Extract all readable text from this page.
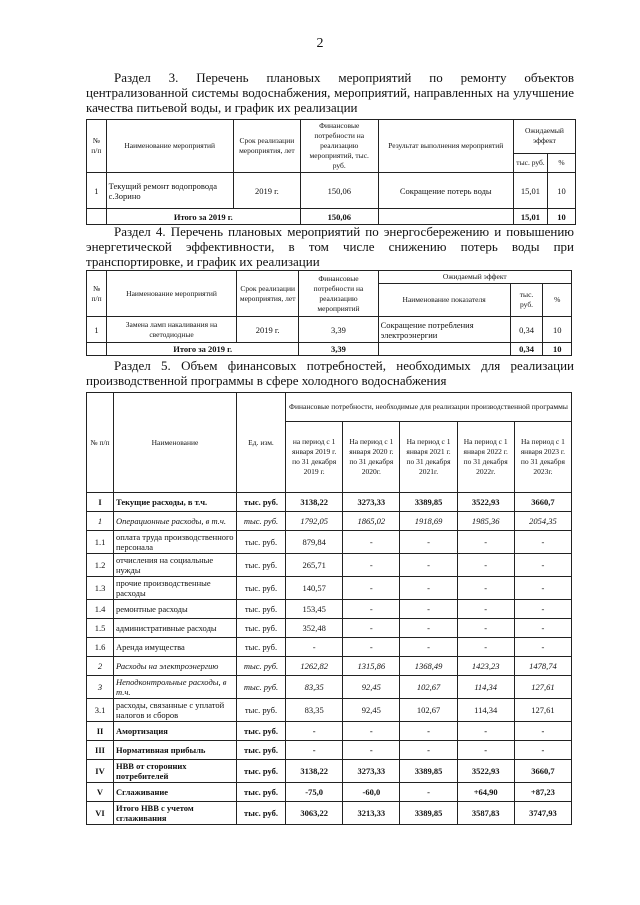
2
Раздел 3. Перечень плановых мероприятий по ремонту объектов централизованной системы водоснабжения, мероприятий, направленных на улучшение качества питьевой воды, и график их реализации
№ п/п	Наименование мероприятий	Срок реализации мероприятия, лет	Финансовые потребности на реализацию мероприятий, тыс. руб.	Результат выполнения мероприятий	Ожидаемый эффект	
					тыс. руб.	%
1	Текущий ремонт водопровода с.Зорино	2019 г.	150,06	Сокращение потерь воды	15,01	10
	Итого за 2019 г.		150,06		15,01	10
Раздел 4. Перечень плановых мероприятий по энергосбережению и повышению энергетической эффективности, в том числе снижению потерь воды при транспортировке, и график их реализации
№ п/п	Наименование мероприятий	Срок реализации мероприятия, лет	Финансовые потребности на реализацию мероприятий	Ожидаемый эффект		
				Наименование показателя	тыс. руб.	%
1	Замена ламп накаливания на светодиодные	2019 г.	3,39	Сокращение потребления электроэнергии	0,34	10
	Итого за 2019 г.		3,39		0,34	10
Раздел 5. Объем финансовых потребностей, необходимых для реализации производственной программы в сфере холодного водоснабжения
№ п/п	Наименование	Ед. изм.	Финансовые потребности, необходимые для реализации производственной программы				
			на период с 1 января 2019 г. по 31 декабря 2019 г.	На период с 1 января 2020 г. по 31 декабря 2020г.	На период с 1 января 2021 г. по 31 декабря 2021г.	На период с 1 января 2022 г. по 31 декабря 2022г.	На период с 1 января 2023 г. по 31 декабря 2023г.
I	Текущие расходы, в т.ч.	тыс. руб.	3138,22	3273,33	3389,85	3522,93	3660,7
1	Операционные расходы, в т.ч.	тыс. руб.	1792,05	1865,02	1918,69	1985,36	2054,35
1.1	оплата труда производственного персонала	тыс. руб.	879,84	-	-	-	-
1.2	отчисления на социальные нужды	тыс. руб.	265,71	-	-	-	-
1.3	прочие производственные расходы	тыс. руб.	140,57	-	-	-	-
1.4	ремонтные расходы	тыс. руб.	153,45	-	-	-	-
1.5	административные расходы	тыс. руб.	352,48	-	-	-	-
1.6	Аренда имущества	тыс. руб.	-	-	-	-	-
2	Расходы на электроэнергию	тыс. руб.	1262,82	1315,86	1368,49	1423,23	1478,74
3	Неподконтрольные расходы, в т.ч.	тыс. руб.	83,35	92,45	102,67	114,34	127,61
3.1	расходы, связанные с уплатой налогов и сборов	тыс. руб.	83,35	92,45	102,67	114,34	127,61
II	Амортизация	тыс. руб.	-	-	-	-	-
III	Нормативная прибыль	тыс. руб.	-	-	-	-	-
IV	НВВ от сторонних потребителей	тыс. руб.	3138,22	3273,33	3389,85	3522,93	3660,7
V	Сглаживание	тыс. руб.	-75,0	-60,0	-	+64,90	+87,23
VI	Итого НВВ с учетом сглаживания	тыс. руб.	3063,22	3213,33	3389,85	3587,83	3747,93
